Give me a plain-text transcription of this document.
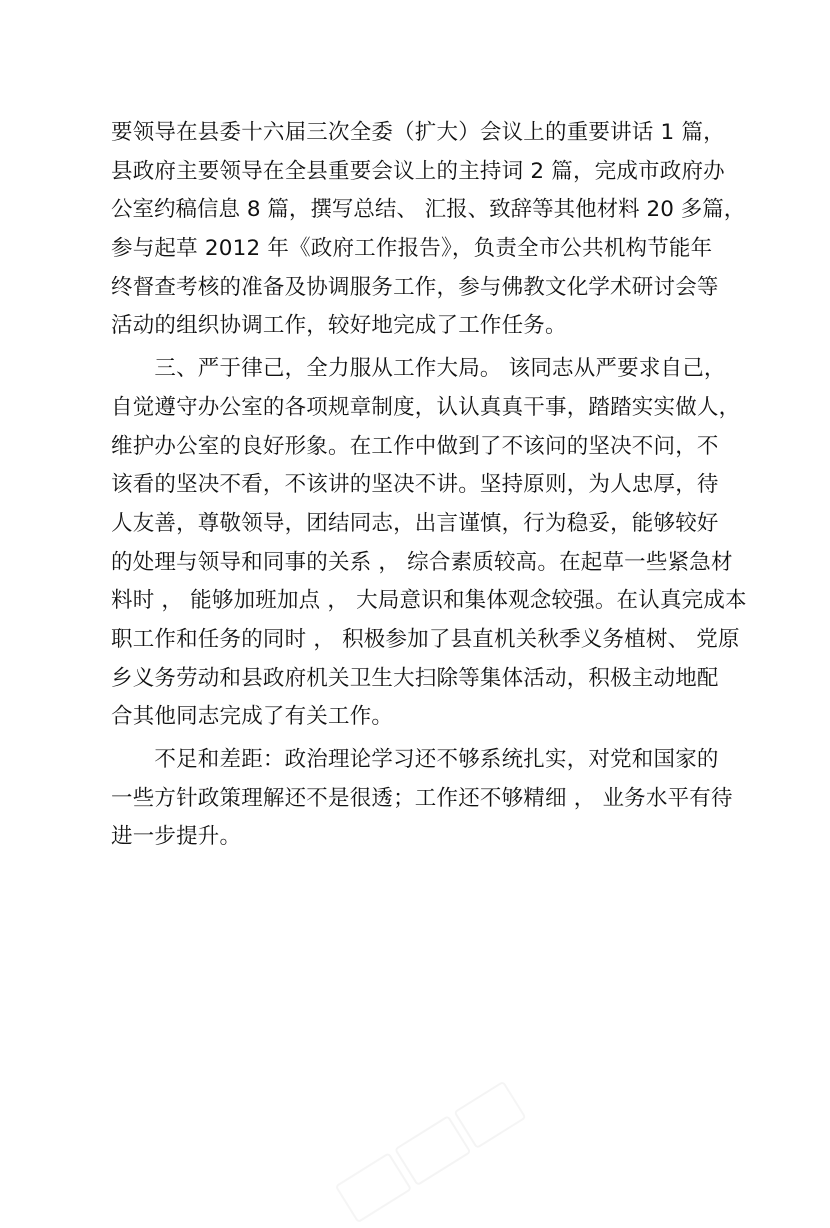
要领导在县委十六届三次全委（扩大）会议上的重要讲话 1 篇，

县政府主要领导在全县重要会议上的主持词 2 篇，完成市政府办

公室约稿信息 8 篇，撰写总结、 汇报、致辞等其他材料 20 多篇，

参与起草 2012 年《政府工作报告》，负责全市公共机构节能年

终督查考核的准备及协调服务工作，参与佛教文化学术研讨会等

活动的组织协调工作，较好地完成了工作任务。

　　三、严于律己，全力服从工作大局。 该同志从严要求自己，

自觉遵守办公室的各项规章制度，认认真真干事，踏踏实实做人，

维护办公室的良好形象。在工作中做到了不该问的坚决不问，不

该看的坚决不看，不该讲的坚决不讲。坚持原则，为人忠厚，待

人友善，尊敬领导，团结同志，出言谨慎，行为稳妥，能够较好

的处理与领导和同事的关系 ， 综合素质较高。在起草一些紧急材

料时 ， 能够加班加点 ， 大局意识和集体观念较强。在认真完成本

职工作和任务的同时 ， 积极参加了县直机关秋季义务植树、 党原

乡义务劳动和县政府机关卫生大扫除等集体活动，积极主动地配

合其他同志完成了有关工作。

　　不足和差距：政治理论学习还不够系统扎实，对党和国家的

一些方针政策理解还不是很透；工作还不够精细 ， 业务水平有待

进一步提升。
